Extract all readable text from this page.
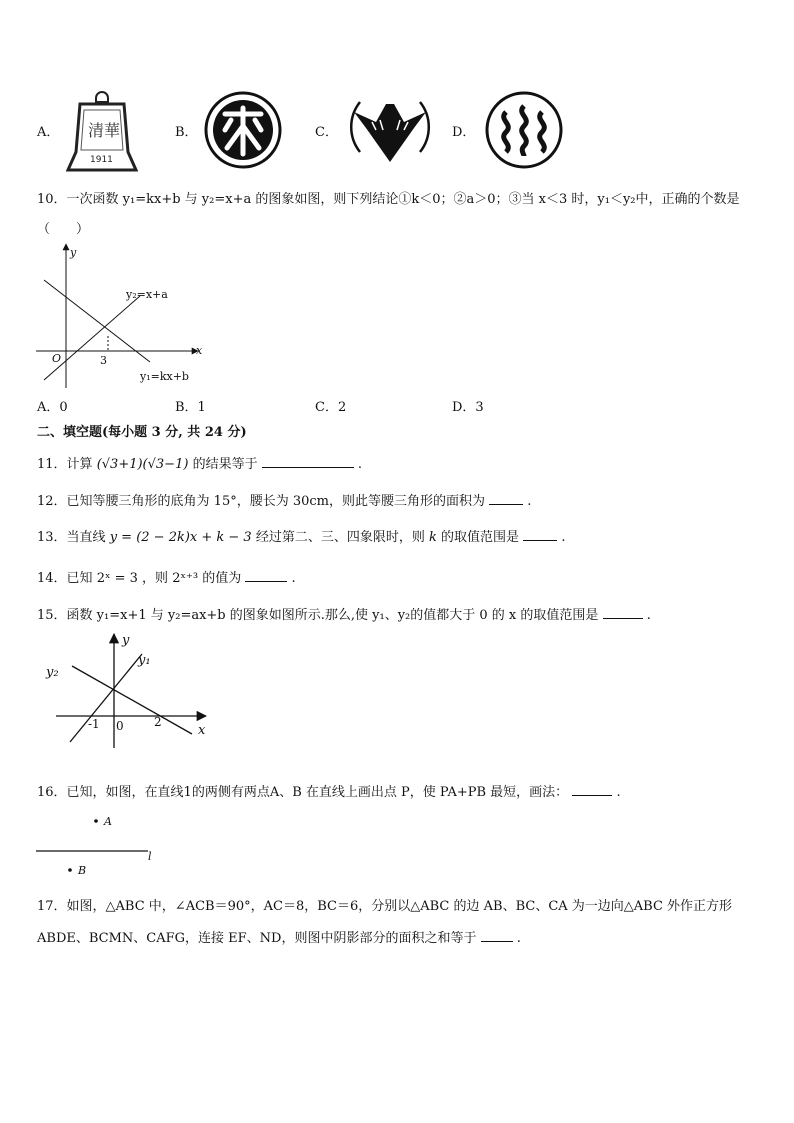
A． 清華
1911
B．	C．	D．
10．一次函数 y₁=kx+b 与 y₂=x+a 的图象如图，则下列结论①k＜0；②a＞0；③当 x＜3 时，y₁＜y₂中，正确的个数是
（　　）
y
x
O	3
y₂=x+a
y₁=kx+b
A．0	B．1	C．2	D．3
二、填空题(每小题 3 分, 共 24 分)
11．计算 (√3+1)(√3−1) 的结果等于	.
12．已知等腰三角形的底角为 15°，腰长为 30cm，则此等腰三角形的面积为	.
13．当直线 y = (2 − 2k)x + k − 3 经过第二、三、四象限时，则 k 的取值范围是	.
14．已知 2ˣ = 3 ，则 2ˣ⁺³ 的值为	.
15．函数 y₁=x+1 与 y₂=ax+b 的图象如图所示.那么,使 y₁、y₂的值都大于 0 的 x 的取值范围是	.
y
x
y₁
y₂
-1 0	2
16．已知，如图，在直线1的两侧有两点A、B 在直线上画出点 P，使 PA+PB 最短，画法：	.
A
l
B
17．如图，△ABC 中，∠ACB＝90°，AC＝8，BC＝6，分别以△ABC 的边 AB、BC、CA 为一边向△ABC 外作正方形
ABDE、BCMN、CAFG，连接 EF、ND，则图中阴影部分的面积之和等于	.
